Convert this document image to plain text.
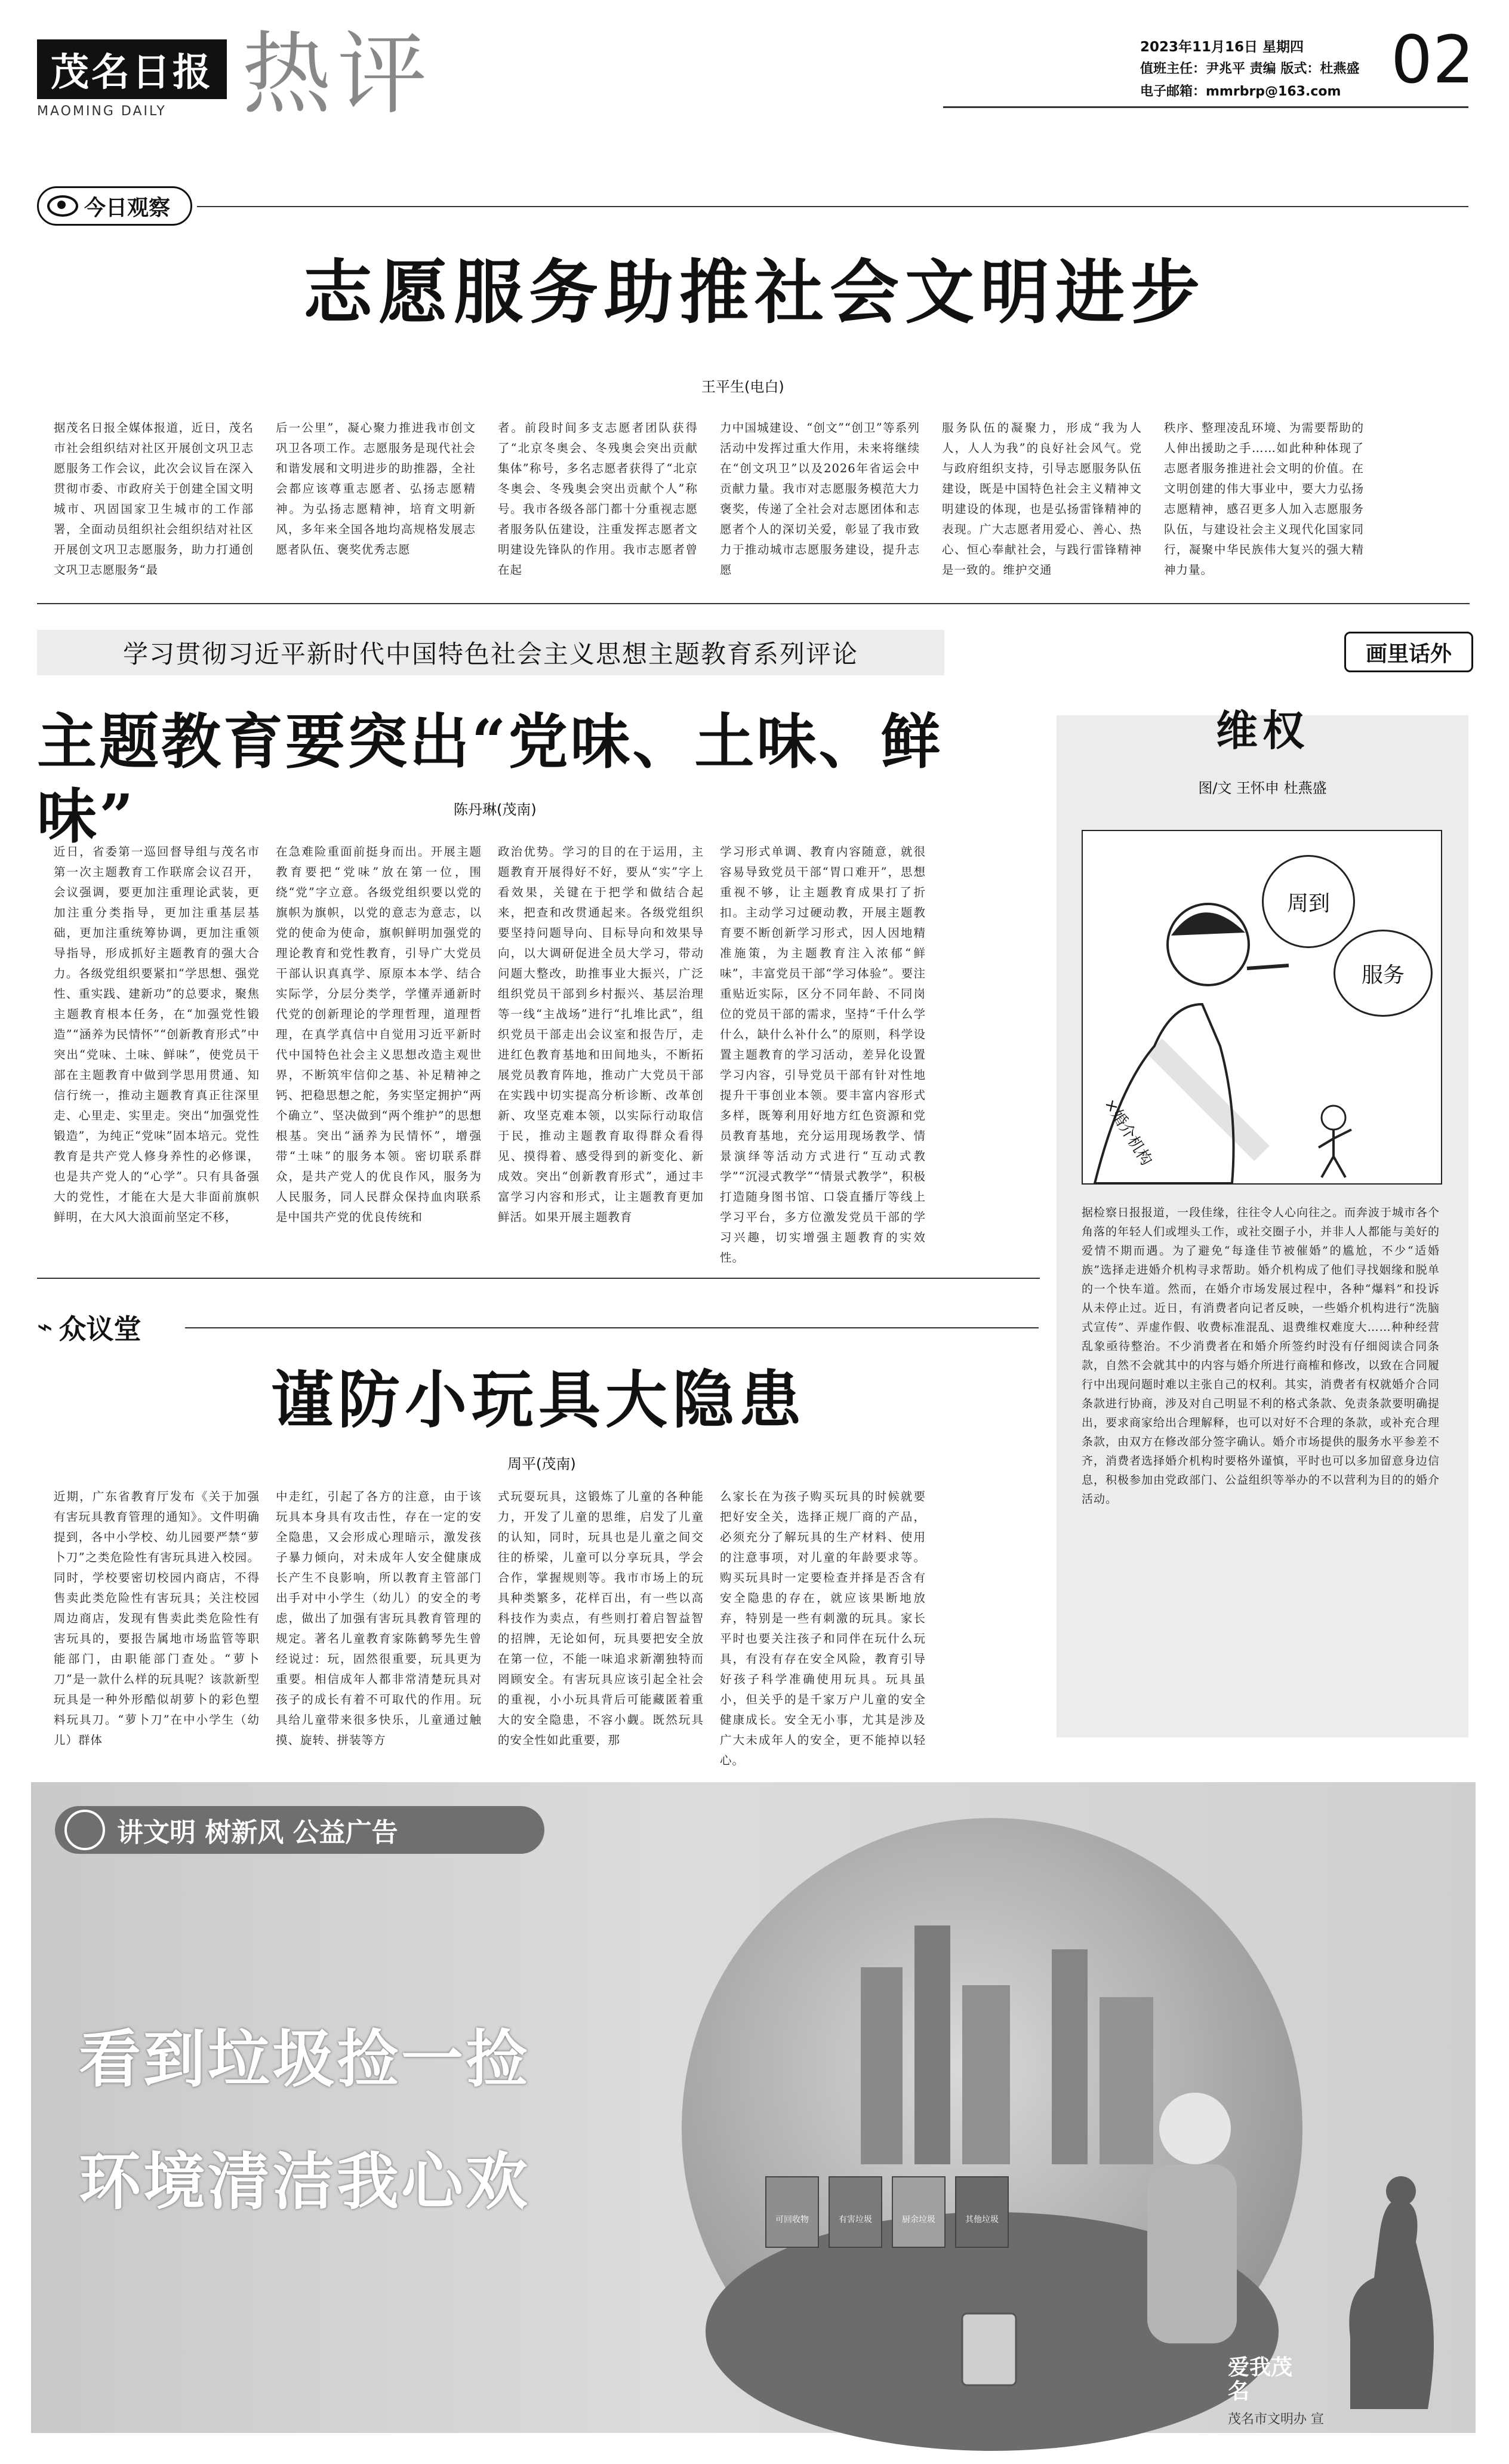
茂名日报
MAOMING DAILY 热评	2023年11月16日 星期四
值班主任：尹兆平 责编 版式：杜燕盛
电子邮箱：mmrbrp@163.com 02
今日观察
志愿服务助推社会文明进步
王平生(电白)
据茂名日报全媒体报道，近日，茂名市社会组织结对社区开展创文巩卫志愿服务工作会议，此次会议旨在深入贯彻市委、市政府关于创建全国文明城市、巩固国家卫生城市的工作部署，全面动员组织社会组织结对社区开展创文巩卫志愿服务，助力打通创文巩卫志愿服务“最
后一公里”，凝心聚力推进我市创文巩卫各项工作。志愿服务是现代社会和谐发展和文明进步的助推器，全社会都应该尊重志愿者、弘扬志愿精神。为弘扬志愿精神，培育文明新风，多年来全国各地均高规格发展志愿者队伍、褒奖优秀志愿
者。前段时间多支志愿者团队获得了“北京冬奥会、冬残奥会突出贡献集体”称号，多名志愿者获得了“北京冬奥会、冬残奥会突出贡献个人”称号。我市各级各部门都十分重视志愿者服务队伍建设，注重发挥志愿者文明建设先锋队的作用。我市志愿者曾在起
力中国城建设、“创文”“创卫”等系列活动中发挥过重大作用，未来将继续在“创文巩卫”以及2026年省运会中贡献力量。我市对志愿服务模范大力褒奖，传递了全社会对志愿团体和志愿者个人的深切关爱，彰显了我市致力于推动城市志愿服务建设，提升志愿
服务队伍的凝聚力，形成“我为人人，人人为我”的良好社会风气。党与政府组织支持，引导志愿服务队伍建设，既是中国特色社会主义精神文明建设的体现，也是弘扬雷锋精神的表现。广大志愿者用爱心、善心、热心、恒心奉献社会，与践行雷锋精神是一致的。维护交通
秩序、整理凌乱环境、为需要帮助的人伸出援助之手……如此种种体现了志愿者服务推进社会文明的价值。在文明创建的伟大事业中，要大力弘扬志愿精神，感召更多人加入志愿服务队伍，与建设社会主义现代化国家同行，凝聚中华民族伟大复兴的强大精神力量。
学习贯彻习近平新时代中国特色社会主义思想主题教育系列评论
主题教育要突出“党味、土味、鲜味”	陈丹琳(茂南)
近日，省委第一巡回督导组与茂名市第一次主题教育工作联席会议召开，会议强调，要更加注重理论武装，更加注重分类指导，更加注重基层基础，更加注重统筹协调，更加注重领导指导，形成抓好主题教育的强大合力。各级党组织要紧扣“学思想、强党性、重实践、建新功”的总要求，聚焦主题教育根本任务，在“加强党性锻造”“涵养为民情怀”“创新教育形式”中突出“党味、土味、鲜味”，使党员干部在主题教育中做到学思用贯通、知信行统一，推动主题教育真正往深里走、心里走、实里走。突出“加强党性锻造”，为纯正“党味”固本培元。党性教育是共产党人修身养性的必修课，也是共产党人的“心学”。只有具备强大的党性，才能在大是大非面前旗帜鲜明，在大风大浪面前坚定不移，
在急难险重面前挺身而出。开展主题教育要把“党味”放在第一位，围绕“党”字立意。各级党组织要以党的旗帜为旗帜，以党的意志为意志，以党的使命为使命，旗帜鲜明加强党的理论教育和党性教育，引导广大党员干部认识真真学、原原本本学、结合实际学，分层分类学，学懂弄通新时代党的创新理论的学理哲理，道理哲理，在真学真信中自觉用习近平新时代中国特色社会主义思想改造主观世界，不断筑牢信仰之基、补足精神之钙、把稳思想之舵，务实坚定拥护“两个确立”、坚决做到“两个维护”的思想根基。突出“涵养为民情怀”，增强带“土味”的服务本领。密切联系群众，是共产党人的优良作风，服务为人民服务，同人民群众保持血肉联系是中国共产党的优良传统和
政治优势。学习的目的在于运用，主题教育开展得好不好，要从“实”字上看效果，关键在于把学和做结合起来，把查和改贯通起来。各级党组织要坚持问题导向、目标导向和效果导向，以大调研促进全员大学习，带动问题大整改，助推事业大振兴，广泛组织党员干部到乡村振兴、基层治理等一线“主战场”进行“扎堆比武”，组织党员干部走出会议室和报告厅，走进红色教育基地和田间地头，不断拓展党员教育阵地，推动广大党员干部在实践中切实提高分析诊断、改革创新、攻坚克难本领，以实际行动取信于民，推动主题教育取得群众看得见、摸得着、感受得到的新变化、新成效。突出“创新教育形式”，通过丰富学习内容和形式，让主题教育更加鲜活。如果开展主题教育
学习形式单调、教育内容随意，就很容易导致党员干部“胃口难开”，思想重视不够，让主题教育成果打了折扣。主动学习过硬动教，开展主题教育要不断创新学习形式，因人因地精准施策，为主题教育注入浓郁“鲜味”，丰富党员干部“学习体验”。要注重贴近实际，区分不同年龄、不同岗位的党员干部的需求，坚持“千什么学什么，缺什么补什么”的原则，科学设置主题教育的学习活动，差异化设置学习内容，引导党员干部有针对性地提升干事创业本领。要丰富内容形式多样，既筹利用好地方红色资源和党员教育基地，充分运用现场教学、情景演绎等活动方式进行“互动式教学”“沉浸式教学”“情景式教学”，积极打造随身图书馆、口袋直播厅等线上学习平台，多方位激发党员干部的学习兴趣，切实增强主题教育的实效性。
画里话外
维权
图/文 王怀申 杜燕盛
周到
服务
×婚介机构
据检察日报报道，一段佳缘，往往令人心向往之。而奔波于城市各个角落的年轻人们或埋头工作，或社交圈子小，并非人人都能与美好的爱情不期而遇。为了避免“每逢佳节被催婚”的尴尬，不少“适婚族”选择走进婚介机构寻求帮助。婚介机构成了他们寻找姻缘和脱单的一个快车道。然而，在婚介市场发展过程中，各种“爆料”和投诉从未停止过。近日，有消费者向记者反映，一些婚介机构进行“洗脑式宣传”、弄虚作假、收费标准混乱、退费维权难度大……种种经营乱象亟待整治。不少消费者在和婚介所签约时没有仔细阅读合同条款，自然不会就其中的内容与婚介所进行商榷和修改，以致在合同履行中出现问题时难以主张自己的权利。其实，消费者有权就婚介合同条款进行协商，涉及对自己明显不利的格式条款、免责条款要明确提出，要求商家给出合理解释，也可以对好不合理的条款，或补充合理条款，由双方在修改部分签字确认。婚介市场提供的服务水平参差不齐，消费者选择婚介机构时要格外谨慎，平时也可以多加留意身边信息，积极参加由党政部门、公益组织等举办的不以营利为目的的婚介活动。
⌁ 众议堂
谨防小玩具大隐患
周平(茂南)
近期，广东省教育厅发布《关于加强有害玩具教育管理的通知》。文件明确提到，各中小学校、幼儿园要严禁“萝卜刀”之类危险性有害玩具进入校园。同时，学校要密切校园内商店，不得售卖此类危险性有害玩具；关注校园周边商店，发现有售卖此类危险性有害玩具的，要报告属地市场监管等职能部门，由职能部门查处。“萝卜刀”是一款什么样的玩具呢？该款新型玩具是一种外形酷似胡萝卜的彩色塑料玩具刀。“萝卜刀”在中小学生（幼儿）群体
中走红，引起了各方的注意，由于该玩具本身具有攻击性，存在一定的安全隐患，又会形成心理暗示，激发孩子暴力倾向，对未成年人安全健康成长产生不良影响，所以教育主管部门出手对中小学生（幼儿）的安全的考虑，做出了加强有害玩具教育管理的规定。著名儿童教育家陈鹤琴先生曾经说过：玩，固然很重要，玩具更为重要。相信成年人都非常清楚玩具对孩子的成长有着不可取代的作用。玩具给儿童带来很多快乐，儿童通过触摸、旋转、拼装等方
式玩耍玩具，这锻炼了儿童的各种能力，开发了儿童的思维，启发了儿童的认知，同时，玩具也是儿童之间交往的桥梁，儿童可以分享玩具，学会合作，掌握规则等。我市市场上的玩具种类繁多，花样百出，有一些以高科技作为卖点，有些则打着启智益智的招牌，无论如何，玩具要把安全放在第一位，不能一味追求新潮独特而罔顾安全。有害玩具应该引起全社会的重视，小小玩具背后可能藏匿着重大的安全隐患，不容小觑。既然玩具的安全性如此重要，那
么家长在为孩子购买玩具的时候就要把好安全关，选择正规厂商的产品，必须充分了解玩具的生产材料、使用的注意事项，对儿童的年龄要求等。购买玩具时一定要检查并择是否含有安全隐患的存在，就应该果断地放弃，特别是一些有刺激的玩具。家长平时也要关注孩子和同伴在玩什么玩具，有没有存在安全风险，教育引导好孩子科学准确使用玩具。玩具虽小，但关乎的是千家万户儿童的安全健康成长。安全无小事，尤其是涉及广大未成年人的安全，更不能掉以轻心。
讲文明 树新风 公益广告
看到垃圾捡一捡
环境清洁我心欢
可回收物	有害垃圾	厨余垃圾	其他垃圾
爱我茂名
茂名市文明办 宣
